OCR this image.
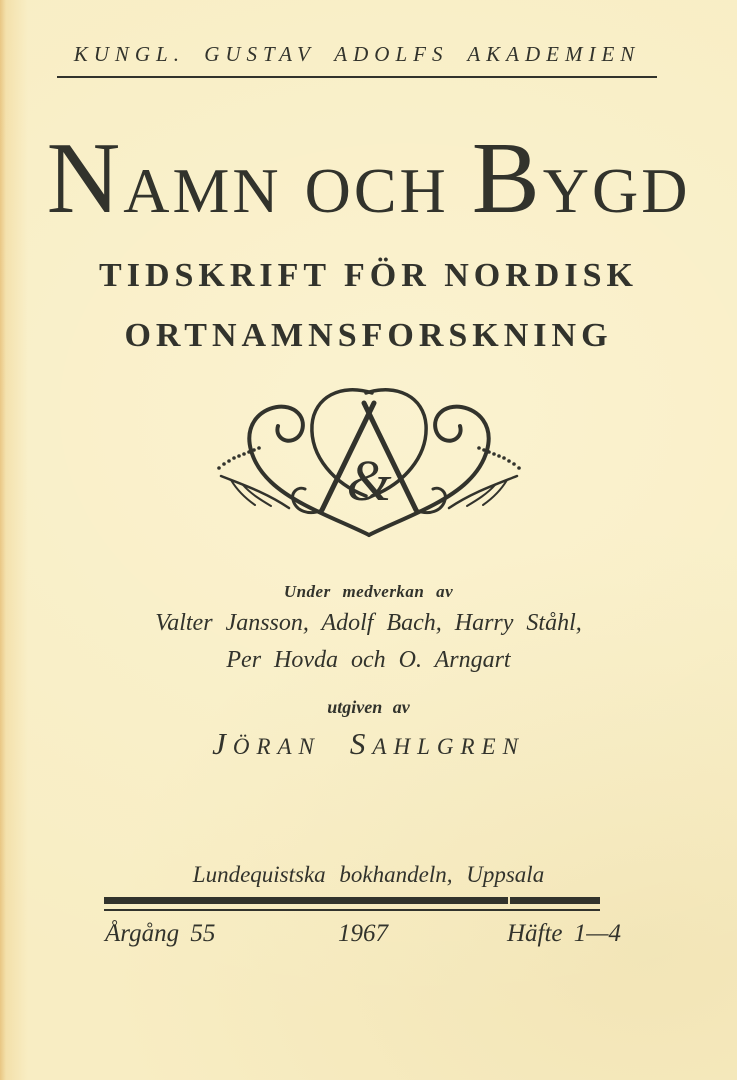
KUNGL. GUSTAV ADOLFS AKADEMIEN
NAMN OCH BYGD
TIDSKRIFT FÖR NORDISK
ORTNAMNSFORSKNING
&
Under medverkan av
Valter Jansson, Adolf Bach, Harry Ståhl,
Per Hovda och O. Arngart
utgiven av
JÖRAN SAHLGREN
Lundequistska bokhandeln, Uppsala
Årgång 55	1967	Häfte 1—4
